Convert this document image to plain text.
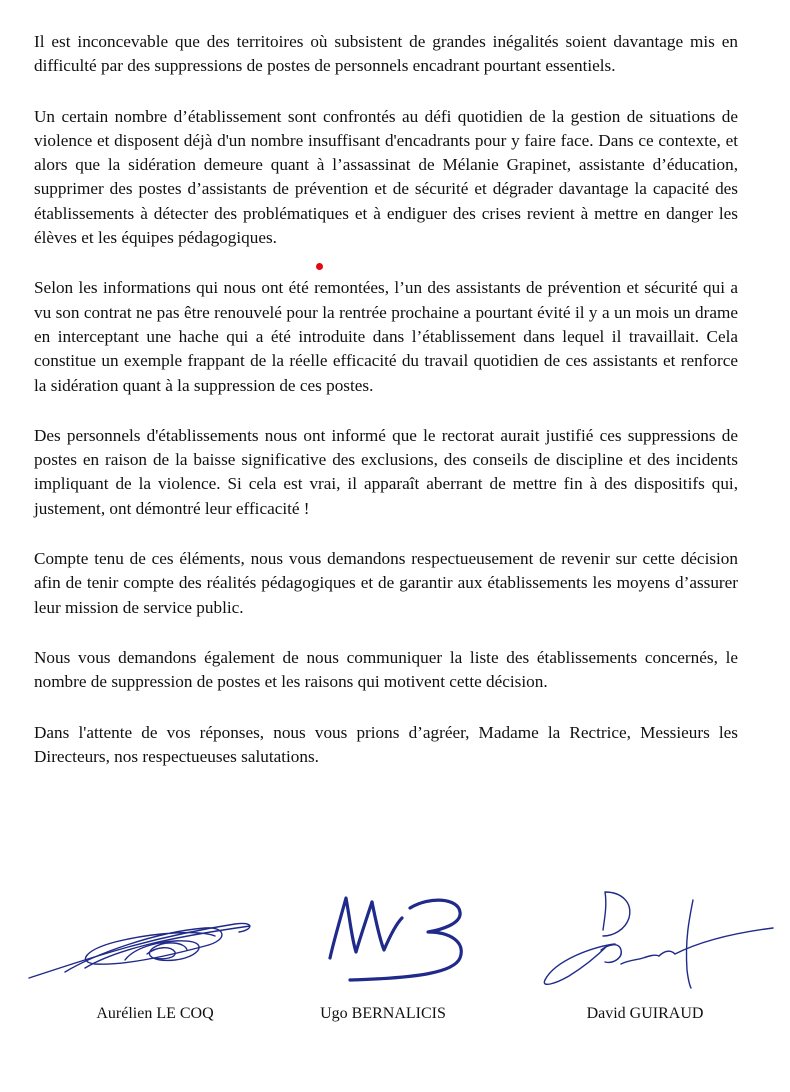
Il est inconcevable que des territoires où subsistent de grandes inégalités soient davantage mis en difficulté par des suppressions de postes de personnels encadrant pourtant essentiels.

Un certain nombre d’établissement sont confrontés au défi quotidien de la gestion de situations de violence et disposent déjà d'un nombre insuffisant d'encadrants pour y faire face. Dans ce contexte, et alors que la sidération demeure quant à l’assassinat de Mélanie Grapinet, assistante d’éducation, supprimer des postes d’assistants de prévention et de sécurité et dégrader davantage la capacité des établissements à détecter des problématiques et à endiguer des crises revient à mettre en danger les élèves et les équipes pédagogiques.

Selon les informations qui nous ont été remontées, l’un des assistants de prévention et sécurité qui a vu son contrat ne pas être renouvelé pour la rentrée prochaine a pourtant évité il y a un mois un drame en interceptant une hache qui a été introduite dans l’établissement dans lequel il travaillait. Cela constitue un exemple frappant de la réelle efficacité du travail quotidien de ces assistants et renforce la sidération quant à la suppression de ces postes.

Des personnels d'établissements nous ont informé que le rectorat aurait justifié ces suppressions de postes en raison de la baisse significative des exclusions, des conseils de discipline et des incidents impliquant de la violence. Si cela est vrai, il apparaît aberrant de mettre fin à des dispositifs qui, justement, ont démontré leur efficacité !

Compte tenu de ces éléments, nous vous demandons respectueusement de revenir sur cette décision afin de tenir compte des réalités pédagogiques et de garantir aux établissements les moyens d’assurer leur mission de service public.

Nous vous demandons également de nous communiquer la liste des établissements concernés, le nombre de suppression de postes et les raisons qui motivent cette décision.

Dans l'attente de vos réponses, nous vous prions d’agréer, Madame la Rectrice, Messieurs les Directeurs, nos respectueuses salutations.

Aurélien LE COQ	Ugo BERNALICIS	David GUIRAUD
